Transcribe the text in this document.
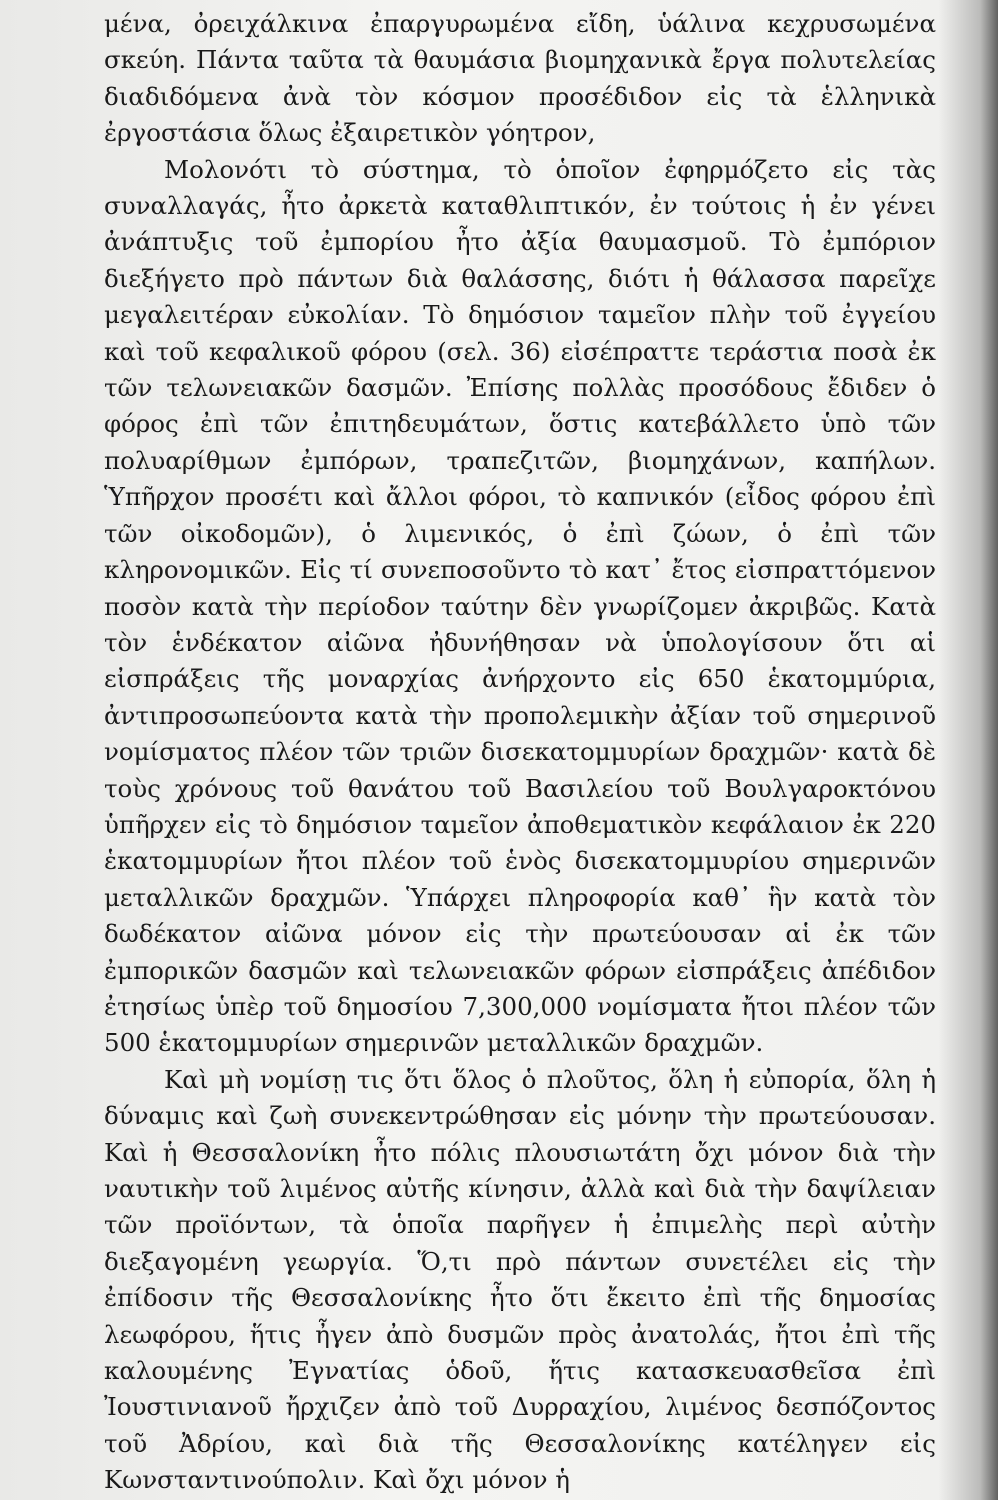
μένα, ὀρειχάλκινα ἐπαργυρωμένα εἴδη, ὑάλινα κεχρυσωμένα σκεύη. Πάντα ταῦτα τὰ θαυμάσια βιομηχανικὰ ἔργα πολυτελείας διαδιδόμενα ἀνὰ τὸν κόσμον προσέδιδον εἰς τὰ ἑλληνικὰ ἐργοστάσια ὅλως ἐξαιρετικὸν γόητρον,

Μολονότι τὸ σύστημα, τὸ ὁποῖον ἐφηρμόζετο εἰς τὰς συναλλαγάς, ἦτο ἀρκετὰ καταθλιπτικόν, ἐν τούτοις ἡ ἐν γένει ἀνάπτυξις τοῦ ἐμπορίου ἦτο ἀξία θαυμασμοῦ. Τὸ ἐμπόριον διεξήγετο πρὸ πάντων διὰ θαλάσσης, διότι ἡ θάλασσα παρεῖχε μεγαλειτέραν εὐκολίαν. Τὸ δημόσιον ταμεῖον πλὴν τοῦ ἐγγείου καὶ τοῦ κεφαλικοῦ φόρου (σελ. 36) εἰσέπραττε τεράστια ποσὰ ἐκ τῶν τελωνειακῶν δασμῶν. Ἐπίσης πολλὰς προσόδους ἔδιδεν ὁ φόρος ἐπὶ τῶν ἐπιτηδευμάτων, ὅστις κατεβάλλετο ὑπὸ τῶν πολυαρίθμων ἐμπόρων, τραπεζιτῶν, βιομηχάνων, καπήλων. Ὑπῆρχον προσέτι καὶ ἄλλοι φόροι, τὸ καπνικόν (εἶδος φόρου ἐπὶ τῶν οἰκοδομῶν), ὁ λιμενικός, ὁ ἐπὶ ζώων, ὁ ἐπὶ τῶν κληρονομικῶν. Εἰς τί συνεποσοῦντο τὸ κατ᾽ ἔτος εἰσπραττόμενον ποσὸν κατὰ τὴν περίοδον ταύτην δὲν γνωρίζομεν ἀκριβῶς. Κατὰ τὸν ἑνδέκατον αἰῶνα ἠδυνήθησαν νὰ ὑπολογίσουν ὅτι αἱ εἰσπράξεις τῆς μοναρχίας ἀνήρχοντο εἰς 650 ἑκατομμύρια, ἀντιπροσωπεύοντα κατὰ τὴν προπολεμικὴν ἀξίαν τοῦ σημερινοῦ νομίσματος πλέον τῶν τριῶν δισεκατομμυρίων δραχμῶν· κατὰ δὲ τοὺς χρόνους τοῦ θανάτου τοῦ Βασιλείου τοῦ Βουλγαροκτόνου ὑπῆρχεν εἰς τὸ δημόσιον ταμεῖον ἀποθεματικὸν κεφάλαιον ἐκ 220 ἑκατομμυρίων ἤτοι πλέον τοῦ ἑνὸς δισεκατομμυρίου σημερινῶν μεταλλικῶν δραχμῶν. Ὑπάρχει πληροφορία καθ᾽ ἣν κατὰ τὸν δωδέκατον αἰῶνα μόνον εἰς τὴν πρωτεύουσαν αἱ ἐκ τῶν ἐμπορικῶν δασμῶν καὶ τελωνειακῶν φόρων εἰσπράξεις ἀπέδιδον ἐτησίως ὑπὲρ τοῦ δημοσίου 7,300,000 νομίσματα ἤτοι πλέον τῶν 500 ἑκατομμυρίων σημερινῶν μεταλλικῶν δραχμῶν.

Καὶ μὴ νομίσῃ τις ὅτι ὅλος ὁ πλοῦτος, ὅλη ἡ εὐπορία, ὅλη ἡ δύναμις καὶ ζωὴ συνεκεντρώθησαν εἰς μόνην τὴν πρωτεύουσαν. Καὶ ἡ Θεσσαλονίκη ἦτο πόλις πλουσιωτάτη ὄχι μόνον διὰ τὴν ναυτικὴν τοῦ λιμένος αὐτῆς κίνησιν, ἀλλὰ καὶ διὰ τὴν δαψίλειαν τῶν προϊόντων, τὰ ὁποῖα παρῆγεν ἡ ἐπιμελὴς περὶ αὐτὴν διεξαγομένη γεωργία. Ὅ,τι πρὸ πάντων συνετέλει εἰς τὴν ἐπίδοσιν τῆς Θεσσαλονίκης ἦτο ὅτι ἔκειτο ἐπὶ τῆς δημοσίας λεωφόρου, ἥτις ἦγεν ἀπὸ δυσμῶν πρὸς ἀνατολάς, ἤτοι ἐπὶ τῆς καλουμένης Ἐγνατίας ὁδοῦ, ἥτις κατασκευασθεῖσα ἐπὶ Ἰουστινιανοῦ ἤρχιζεν ἀπὸ τοῦ Δυρραχίου, λιμένος δεσπόζοντος τοῦ Ἀδρίου, καὶ διὰ τῆς Θεσσαλονίκης κατέληγεν εἰς Κωνσταντινούπολιν. Καὶ ὄχι μόνον ἡ
